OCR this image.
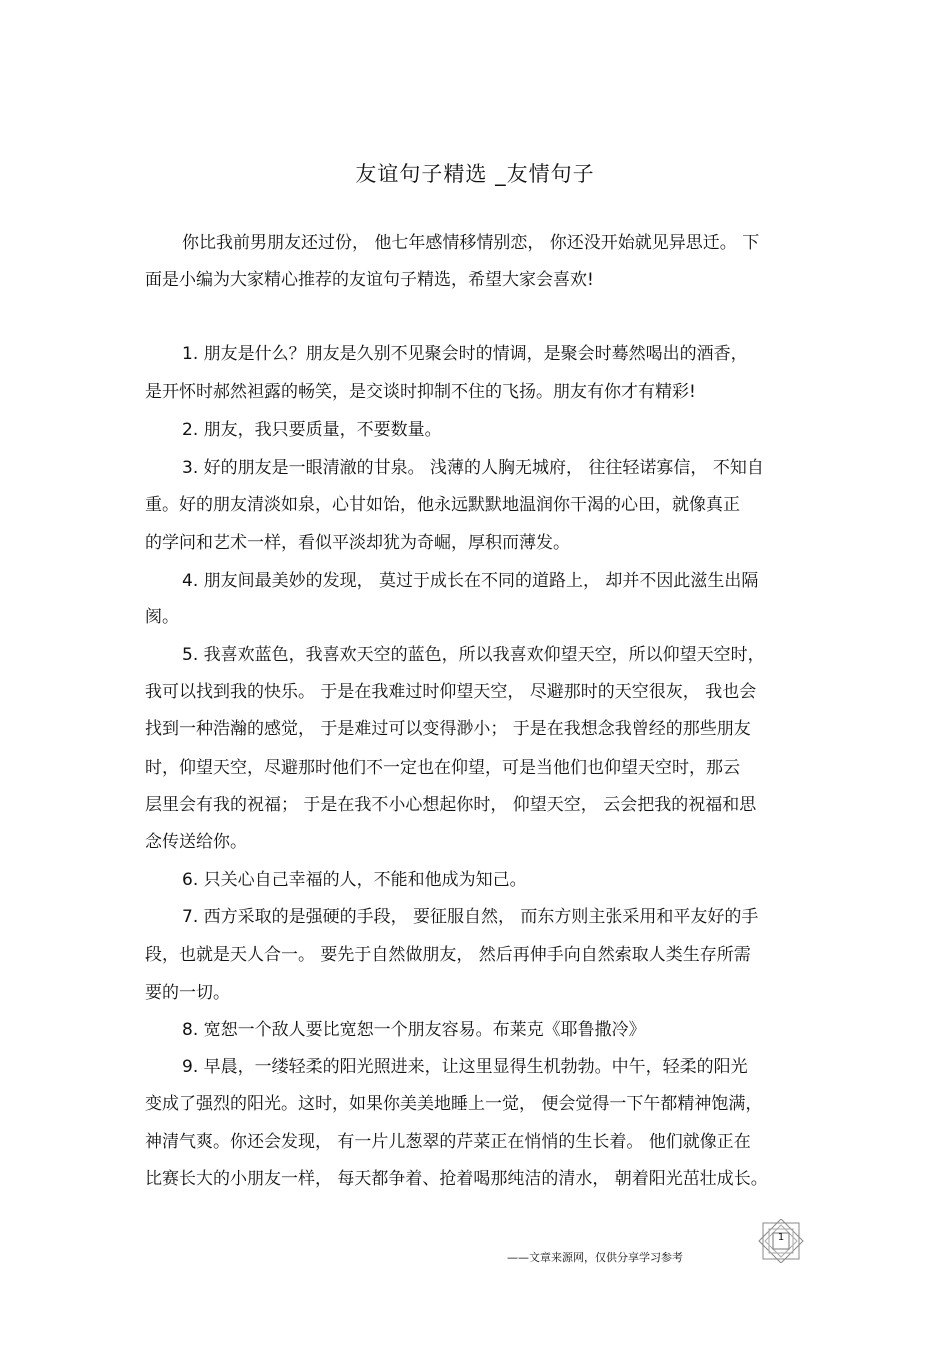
友谊句子精选 _友情句子
你比我前男朋友还过份， 他七年感情移情别恋， 你还没开始就见异思迁。 下
面是小编为大家精心推荐的友谊句子精选，希望大家会喜欢!
1. 朋友是什么？朋友是久别不见聚会时的情调，是聚会时蓦然喝出的酒香，
是开怀时郝然袒露的畅笑，是交谈时抑制不住的飞扬。朋友有你才有精彩!
2. 朋友，我只要质量，不要数量。
3. 好的朋友是一眼清澈的甘泉。 浅薄的人胸无城府， 往往轻诺寡信， 不知自
重。好的朋友清淡如泉，心甘如饴，他永远默默地温润你干渴的心田，就像真正
的学问和艺术一样，看似平淡却犹为奇崛，厚积而薄发。
4. 朋友间最美妙的发现， 莫过于成长在不同的道路上， 却并不因此滋生出隔
阂。
5. 我喜欢蓝色，我喜欢天空的蓝色，所以我喜欢仰望天空，所以仰望天空时，
我可以找到我的快乐。 于是在我难过时仰望天空， 尽避那时的天空很灰， 我也会
找到一种浩瀚的感觉， 于是难过可以变得渺小； 于是在我想念我曾经的那些朋友
时，仰望天空，尽避那时他们不一定也在仰望，可是当他们也仰望天空时，那云
层里会有我的祝福； 于是在我不小心想起你时， 仰望天空， 云会把我的祝福和思
念传送给你。
6. 只关心自己幸福的人，不能和他成为知己。
7. 西方采取的是强硬的手段， 要征服自然， 而东方则主张采用和平友好的手
段，也就是天人合一。 要先于自然做朋友， 然后再伸手向自然索取人类生存所需
要的一切。
8. 宽恕一个敌人要比宽恕一个朋友容易。布莱克《耶鲁撒冷》
9. 早晨，一缕轻柔的阳光照进来，让这里显得生机勃勃。中午，轻柔的阳光
变成了强烈的阳光。这时，如果你美美地睡上一觉， 便会觉得一下午都精神饱满，
神清气爽。你还会发现， 有一片儿葱翠的芹菜正在悄悄的生长着。 他们就像正在
比赛长大的小朋友一样， 每天都争着、抢着喝那纯洁的清水， 朝着阳光茁壮成长。
1
——文章来源网，仅供分享学习参考
